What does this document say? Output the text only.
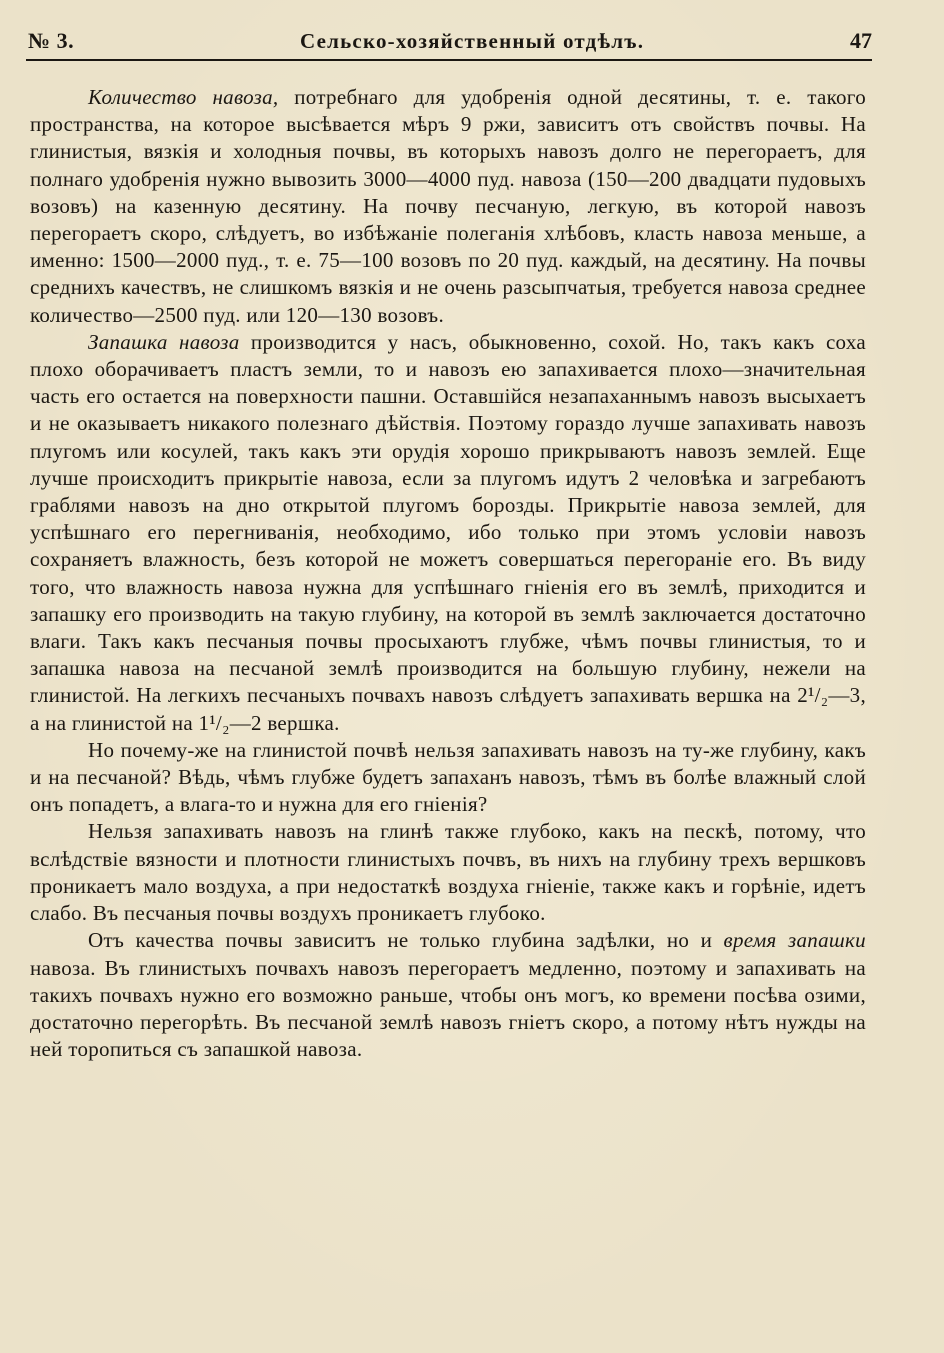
№ 3.	Сельско-хозяйственный отдѣлъ.	47

Количество навоза, потребнаго для удобренія одной десятины, т. е. такого пространства, на которое высѣвается мѣръ 9 ржи, зависитъ отъ свойствъ почвы. На глинистыя, вязкія и холодныя почвы, въ которыхъ навозъ долго не перегораетъ, для полнаго удобренія нужно вывозить 3000—4000 пуд. навоза (150—200 двадцати пудовыхъ возовъ) на казенную десятину. На почву песчаную, легкую, въ которой навозъ перегораетъ скоро, слѣдуетъ, во избѣжаніе полеганія хлѣбовъ, класть навоза меньше, а именно: 1500—2000 пуд., т. е. 75—100 возовъ по 20 пуд. каждый, на десятину. На почвы среднихъ качествъ, не слишкомъ вязкія и не очень разсыпчатыя, требуется навоза среднее количество—2500 пуд. или 120—130 возовъ.

Запашка навоза производится у насъ, обыкновенно, сохой. Но, такъ какъ соха плохо оборачиваетъ пластъ земли, то и навозъ ею запахивается плохо—значительная часть его остается на поверхности пашни. Оставшійся незапаханнымъ навозъ высыхаетъ и не оказываетъ никакого полезнаго дѣйствія. Поэтому гораздо лучше запахивать навозъ плугомъ или косулей, такъ какъ эти орудія хорошо прикрываютъ навозъ землей. Еще лучше происходитъ прикрытіе навоза, если за плугомъ идутъ 2 человѣка и загребаютъ граблями навозъ на дно открытой плугомъ борозды. Прикрытіе навоза землей, для успѣшнаго его перегниванія, необходимо, ибо только при этомъ условіи навозъ сохраняетъ влажность, безъ которой не можетъ совершаться перегораніе его. Въ виду того, что влажность навоза нужна для успѣшнаго гніенія его въ землѣ, приходится и запашку его производить на такую глубину, на которой въ землѣ заключается достаточно влаги. Такъ какъ песчаныя почвы просыхаютъ глубже, чѣмъ почвы глинистыя, то и запашка навоза на песчаной землѣ производится на большую глубину, нежели на глинистой. На легкихъ песчаныхъ почвахъ навозъ слѣдуетъ запахивать вершка на 2¹/₂—3, а на глинистой на 1¹/₂—2 вершка.

Но почему-же на глинистой почвѣ нельзя запахивать навозъ на ту-же глубину, какъ и на песчаной? Вѣдь, чѣмъ глубже будетъ запаханъ навозъ, тѣмъ въ болѣе влажный слой онъ попадетъ, а влага-то и нужна для его гніенія?

Нельзя запахивать навозъ на глинѣ также глубоко, какъ на пескѣ, потому, что вслѣдствіе вязности и плотности глинистыхъ почвъ, въ нихъ на глубину трехъ вершковъ проникаетъ мало воздуха, а при недостаткѣ воздуха гніеніе, также какъ и горѣніе, идетъ слабо. Въ песчаныя почвы воздухъ проникаетъ глубоко.

Отъ качества почвы зависитъ не только глубина задѣлки, но и время запашки навоза. Въ глинистыхъ почвахъ навозъ перегораетъ медленно, поэтому и запахивать на такихъ почвахъ нужно его возможно раньше, чтобы онъ могъ, ко времени посѣва озими, достаточно перегорѣть. Въ песчаной землѣ навозъ гніетъ скоро, а потому нѣтъ нужды на ней торопиться съ запашкой навоза.
